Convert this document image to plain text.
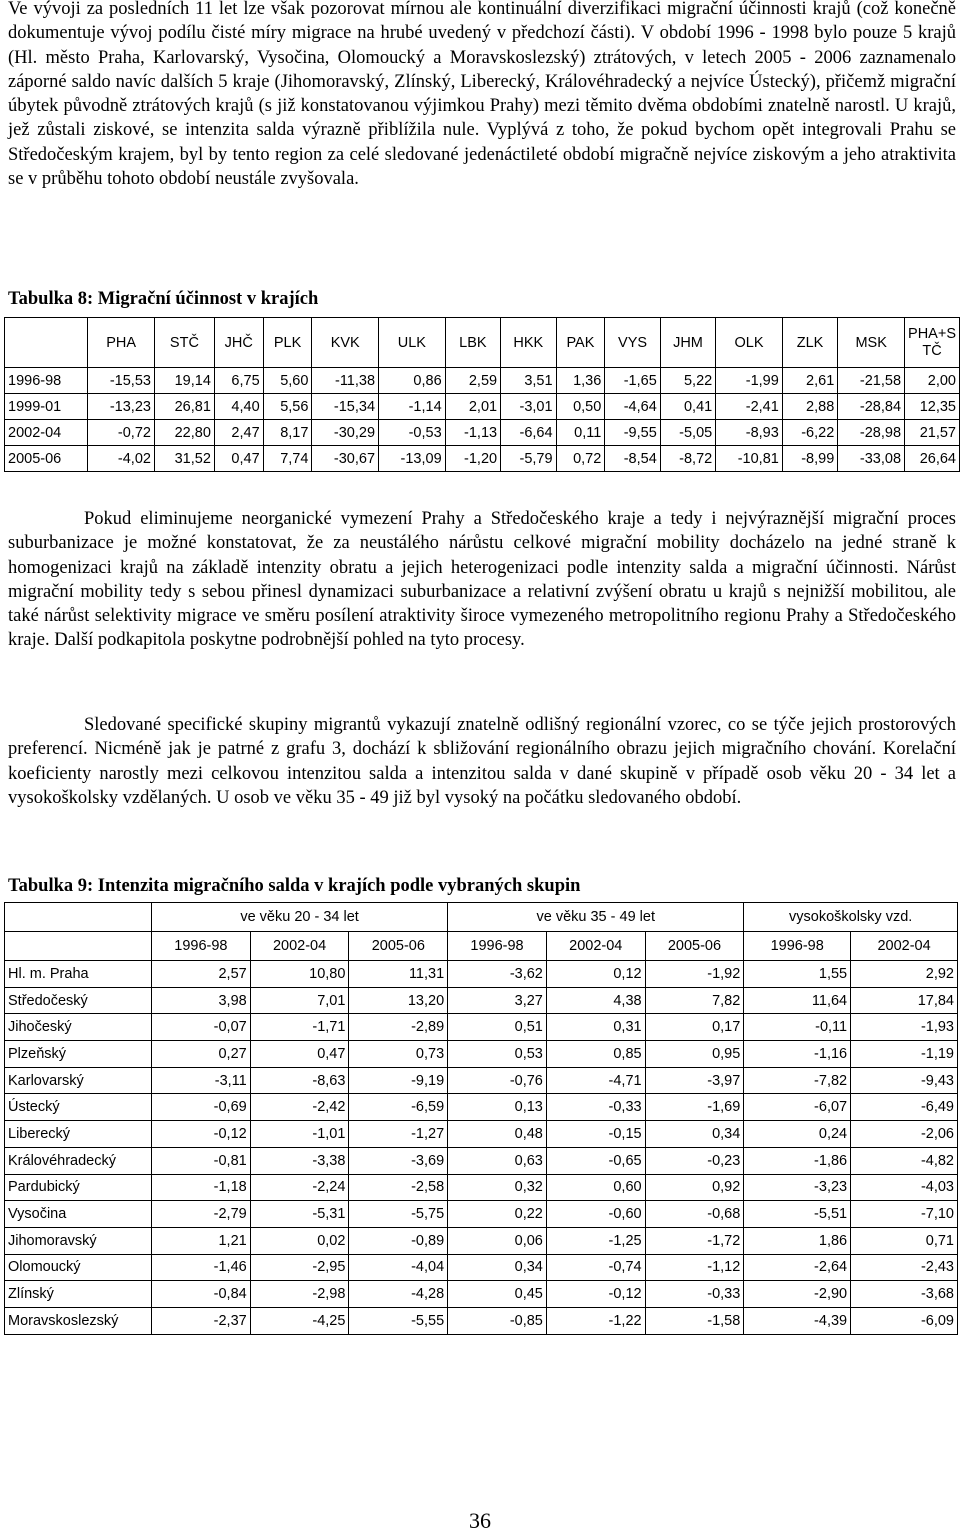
Ve vývoji za posledních 11 let lze však pozorovat mírnou ale kontinuální diverzifikaci migrační účinnosti krajů (což konečně dokumentuje vývoj podílu čisté míry migrace na hrubé uvedený v předchozí části). V období 1996 - 1998 bylo pouze 5 krajů (Hl. město Praha, Karlovarský, Vysočina, Olomoucký a Moravskoslezský) ztrátových, v letech 2005 - 2006 zaznamenalo záporné saldo navíc dalších 5 kraje (Jihomoravský, Zlínský, Liberecký, Královéhradecký a nejvíce Ústecký), přičemž migrační úbytek původně ztrátových krajů (s již konstatovanou výjimkou Prahy) mezi těmito dvěma obdobími znatelně narostl. U krajů, jež zůstali ziskové, se intenzita salda výrazně přiblížila nule. Vyplývá z toho, že pokud bychom opět integrovali Prahu se Středočeským krajem, byl by tento region za celé sledované jedenáctileté období migračně nejvíce ziskovým a jeho atraktivita se v průběhu tohoto období neustále zvyšovala.

Tabulka 8: Migrační účinnost v krajích
	PHA	STČ	JHČ	PLK	KVK	ULK	LBK	HKK	PAK	VYS	JHM	OLK	ZLK	MSK	PHA+S TČ
1996-98	-15,53	19,14	6,75	5,60	-11,38	0,86	2,59	3,51	1,36	-1,65	5,22	-1,99	2,61	-21,58	2,00
1999-01	-13,23	26,81	4,40	5,56	-15,34	-1,14	2,01	-3,01	0,50	-4,64	0,41	-2,41	2,88	-28,84	12,35
2002-04	-0,72	22,80	2,47	8,17	-30,29	-0,53	-1,13	-6,64	0,11	-9,55	-5,05	-8,93	-6,22	-28,98	21,57
2005-06	-4,02	31,52	0,47	7,74	-30,67	-13,09	-1,20	-5,79	0,72	-8,54	-8,72	-10,81	-8,99	-33,08	26,64

Pokud eliminujeme neorganické vymezení Prahy a Středočeského kraje a tedy i nejvýraznější migrační proces suburbanizace je možné konstatovat, že za neustálého nárůstu celkové migrační mobility docházelo na jedné straně k homogenizaci krajů na základě intenzity obratu a jejich heterogenizaci podle intenzity salda a migrační účinnosti. Nárůst migrační mobility tedy s sebou přinesl dynamizaci suburbanizace a relativní zvýšení obratu u krajů s nejnižší mobilitou, ale také nárůst selektivity migrace ve směru posílení atraktivity široce vymezeného metropolitního regionu Prahy a Středočeského kraje. Další podkapitola poskytne podrobnější pohled na tyto procesy.

Sledované specifické skupiny migrantů vykazují znatelně odlišný regionální vzorec, co se týče jejich prostorových preferencí. Nicméně jak je patrné z grafu 3, dochází k sbližování regionálního obrazu jejich migračního chování. Korelační koeficienty narostly mezi celkovou intenzitou salda a intenzitou salda v dané skupině v případě osob věku 20 - 34 let a vysokoškolsky vzdělaných. U osob ve věku 35 - 49 již byl vysoký na počátku sledovaného období.

Tabulka 9: Intenzita migračního salda v krajích podle vybraných skupin
	ve věku 20 - 34 let			ve věku 35 - 49 let			vysokoškolsky vzd.	
	1996-98	2002-04	2005-06	1996-98	2002-04	2005-06	1996-98	2002-04
Hl. m. Praha	2,57	10,80	11,31	-3,62	0,12	-1,92	1,55	2,92
Středočeský	3,98	7,01	13,20	3,27	4,38	7,82	11,64	17,84
Jihočeský	-0,07	-1,71	-2,89	0,51	0,31	0,17	-0,11	-1,93
Plzeňský	0,27	0,47	0,73	0,53	0,85	0,95	-1,16	-1,19
Karlovarský	-3,11	-8,63	-9,19	-0,76	-4,71	-3,97	-7,82	-9,43
Ústecký	-0,69	-2,42	-6,59	0,13	-0,33	-1,69	-6,07	-6,49
Liberecký	-0,12	-1,01	-1,27	0,48	-0,15	0,34	0,24	-2,06
Královéhradecký	-0,81	-3,38	-3,69	0,63	-0,65	-0,23	-1,86	-4,82
Pardubický	-1,18	-2,24	-2,58	0,32	0,60	0,92	-3,23	-4,03
Vysočina	-2,79	-5,31	-5,75	0,22	-0,60	-0,68	-5,51	-7,10
Jihomoravský	1,21	0,02	-0,89	0,06	-1,25	-1,72	1,86	0,71
Olomoucký	-1,46	-2,95	-4,04	0,34	-0,74	-1,12	-2,64	-2,43
Zlínský	-0,84	-2,98	-4,28	0,45	-0,12	-0,33	-2,90	-3,68
Moravskoslezský	-2,37	-4,25	-5,55	-0,85	-1,22	-1,58	-4,39	-6,09
36
